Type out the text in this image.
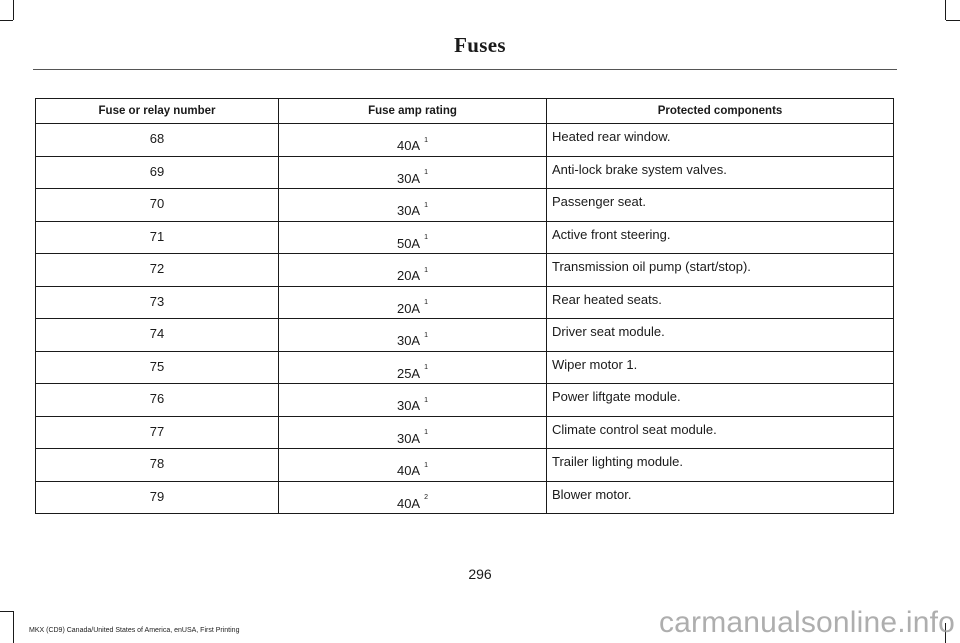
Fuses
Fuse or relay number	Fuse amp rating	Protected components
68	40A $^1$	Heated rear window.
69	30A $^1$	Anti-lock brake system valves.
70	30A $^1$	Passenger seat.
71	50A $^1$	Active front steering.
72	20A $^1$	Transmission oil pump (start/stop).
73	20A $^1$	Rear heated seats.
74	30A $^1$	Driver seat module.
75	25A $^1$	Wiper motor 1.
76	30A $^1$	Power liftgate module.
77	30A $^1$	Climate control seat module.
78	40A $^1$	Trailer lighting module.
79	40A $^2$	Blower motor.
296
MKX (CD9) Canada/United States of America, enUSA, First Printing	carmanualsonline.info
